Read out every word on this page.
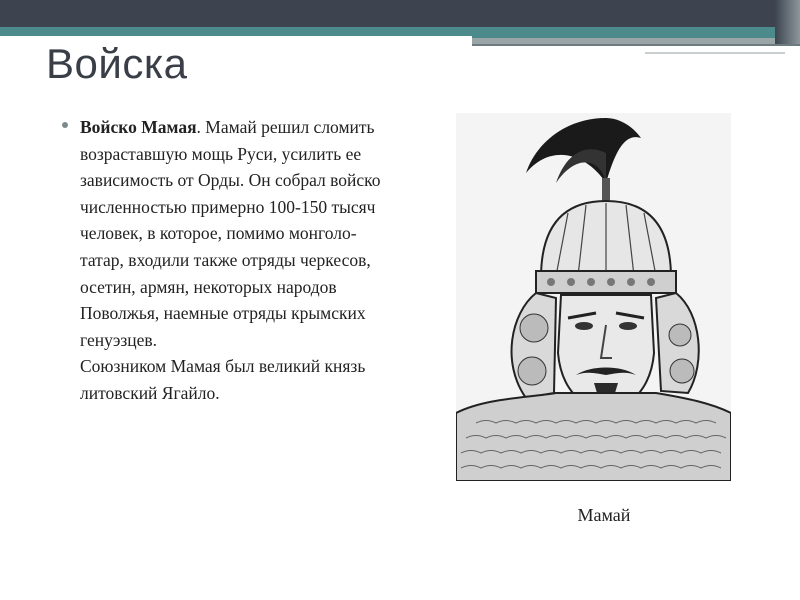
Войска

Войско Мамая. Мамай решил сломить возраставшую мощь Руси, усилить ее зависимость от Орды. Он собрал войско численностью примерно 100-150 тысяч человек, в которое, помимо монголо-татар, входили также отряды черкесов, осетин, армян, некоторых народов Поволжья, наемные отряды крымских генуэзцев.
Союзником Мамая был великий князь литовский Ягайло.

Мамай
